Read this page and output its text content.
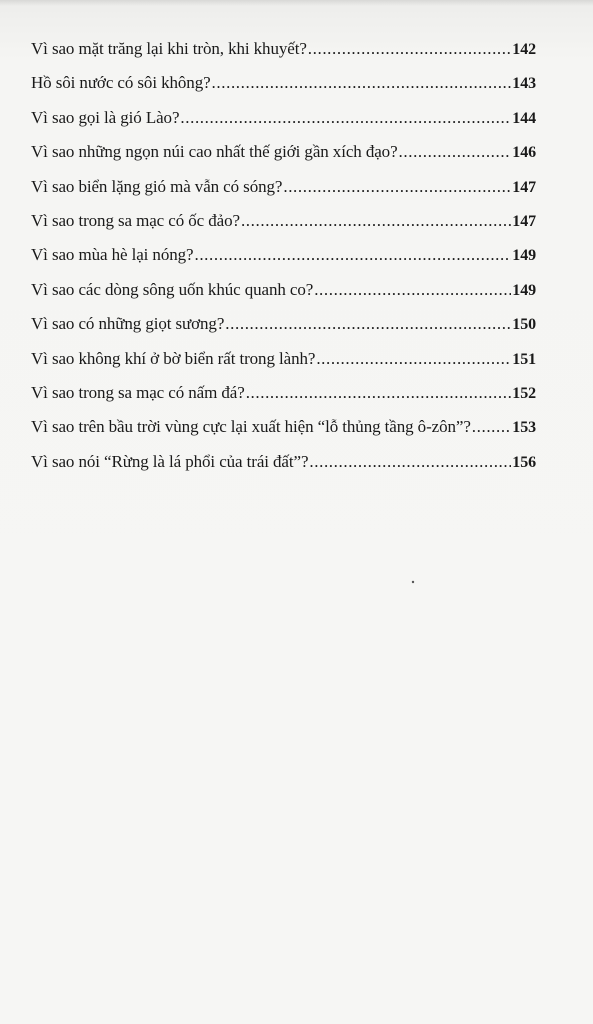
Vì sao mặt trăng lại khi tròn, khi khuyết? .....	142
Hồ sôi nước có sôi không? .....	143
Vì sao gọi là gió Lào? .....	144
Vì sao những ngọn núi cao nhất thế giới gần xích đạo? .....	146
Vì sao biển lặng gió mà vẫn có sóng? .....	147
Vì sao trong sa mạc có ốc đảo? .....	147
Vì sao mùa hè lại nóng? .....	149
Vì sao các dòng sông uốn khúc quanh co? .....	149
Vì sao có những giọt sương? .....	150
Vì sao không khí ở bờ biển rất trong lành? .....	151
Vì sao trong sa mạc có nấm đá? .....	152
Vì sao trên bầu trời vùng cực lại xuất hiện “lỗ thủng tầng ô-zôn”? .....	153
Vì sao nói “Rừng là lá phổi của trái đất”? .....	156
